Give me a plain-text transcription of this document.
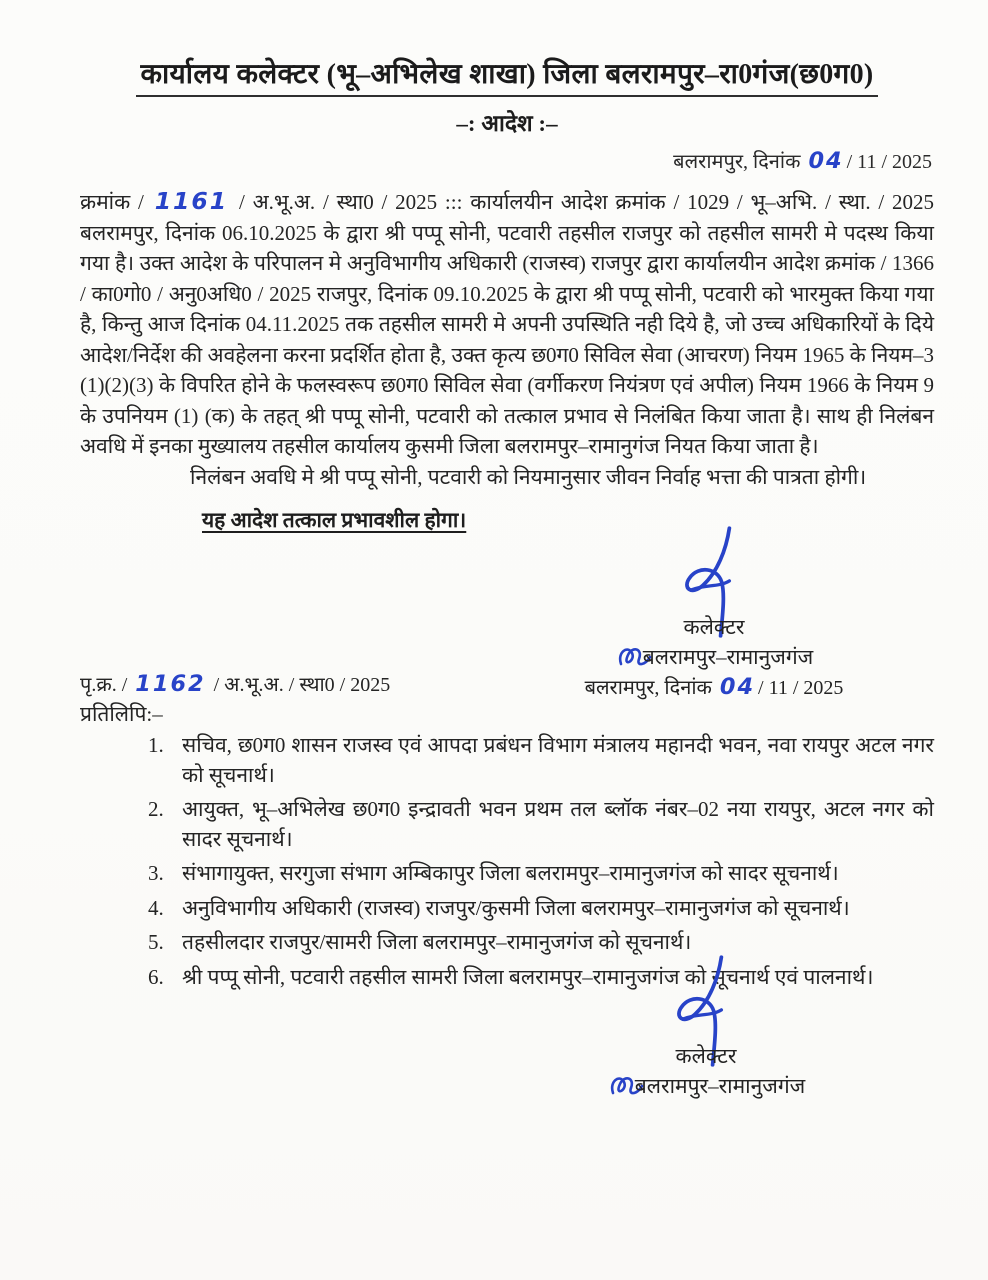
कार्यालय कलेक्टर (भू–अभिलेख शाखा) जिला बलरामपुर–रा0गंज(छ0ग0)
–: आदेश :–
बलरामपुर, दिनांक 04 / 11 / 2025

क्रमांक / 1161 / अ.भू.अ. / स्था0 / 2025 ::: कार्यालयीन आदेश क्रमांक / 1029 / भू–अभि. / स्था. / 2025 बलरामपुर, दिनांक 06.10.2025 के द्वारा श्री पप्पू सोनी, पटवारी तहसील राजपुर को तहसील सामरी मे पदस्थ किया गया है। उक्त आदेश के परिपालन मे अनुविभागीय अधिकारी (राजस्व) राजपुर द्वारा कार्यालयीन आदेश क्रमांक / 1366 / का0गो0 / अनु0अधि0 / 2025 राजपुर, दिनांक 09.10.2025 के द्वारा श्री पप्पू सोनी, पटवारी को भारमुक्त किया गया है, किन्तु आज दिनांक 04.11.2025 तक तहसील सामरी मे अपनी उपस्थिति नही दिये है, जो उच्च अधिकारियों के दिये आदेश/निर्देश की अवहेलना करना प्रदर्शित होता है, उक्त कृत्य छ0ग0 सिविल सेवा (आचरण) नियम 1965 के नियम–3 (1)(2)(3) के विपरित होने के फलस्वरूप छ0ग0 सिविल सेवा (वर्गीकरण नियंत्रण एवं अपील) नियम 1966 के नियम 9 के उपनियम (1) (क) के तहत् श्री पप्पू सोनी, पटवारी को तत्काल प्रभाव से निलंबित किया जाता है। साथ ही निलंबन अवधि में इनका मुख्यालय तहसील कार्यालय कुसमी जिला बलरामपुर–रामानुगंज नियत किया जाता है।

निलंबन अवधि मे श्री पप्पू सोनी, पटवारी को नियमानुसार जीवन निर्वाह भत्ता की पात्रता होगी।

यह आदेश तत्काल प्रभावशील होगा।
कलेक्टर
बलरामपुर–रामानुजगंज
बलरामपुर, दिनांक 04 / 11 / 2025
पृ.क्र. / 1162 / अ.भू.अ. / स्था0 / 2025
प्रतिलिपि:–
1. सचिव, छ0ग0 शासन राजस्व एवं आपदा प्रबंधन विभाग मंत्रालय महानदी भवन, नवा रायपुर अटल नगर को सूचनार्थ।
2. आयुक्त, भू–अभिलेख छ0ग0 इन्द्रावती भवन प्रथम तल ब्लॉक नंबर–02 नया रायपुर, अटल नगर को सादर सूचनार्थ।
3. संभागायुक्त, सरगुजा संभाग अम्बिकापुर जिला बलरामपुर–रामानुजगंज को सादर सूचनार्थ।
4. अनुविभागीय अधिकारी (राजस्व) राजपुर/कुसमी जिला बलरामपुर–रामानुजगंज को सूचनार्थ।
5. तहसीलदार राजपुर/सामरी जिला बलरामपुर–रामानुजगंज को सूचनार्थ।
6. श्री पप्पू सोनी, पटवारी तहसील सामरी जिला बलरामपुर–रामानुजगंज को सूचनार्थ एवं पालनार्थ।
कलेक्टर
बलरामपुर–रामानुजगंज
